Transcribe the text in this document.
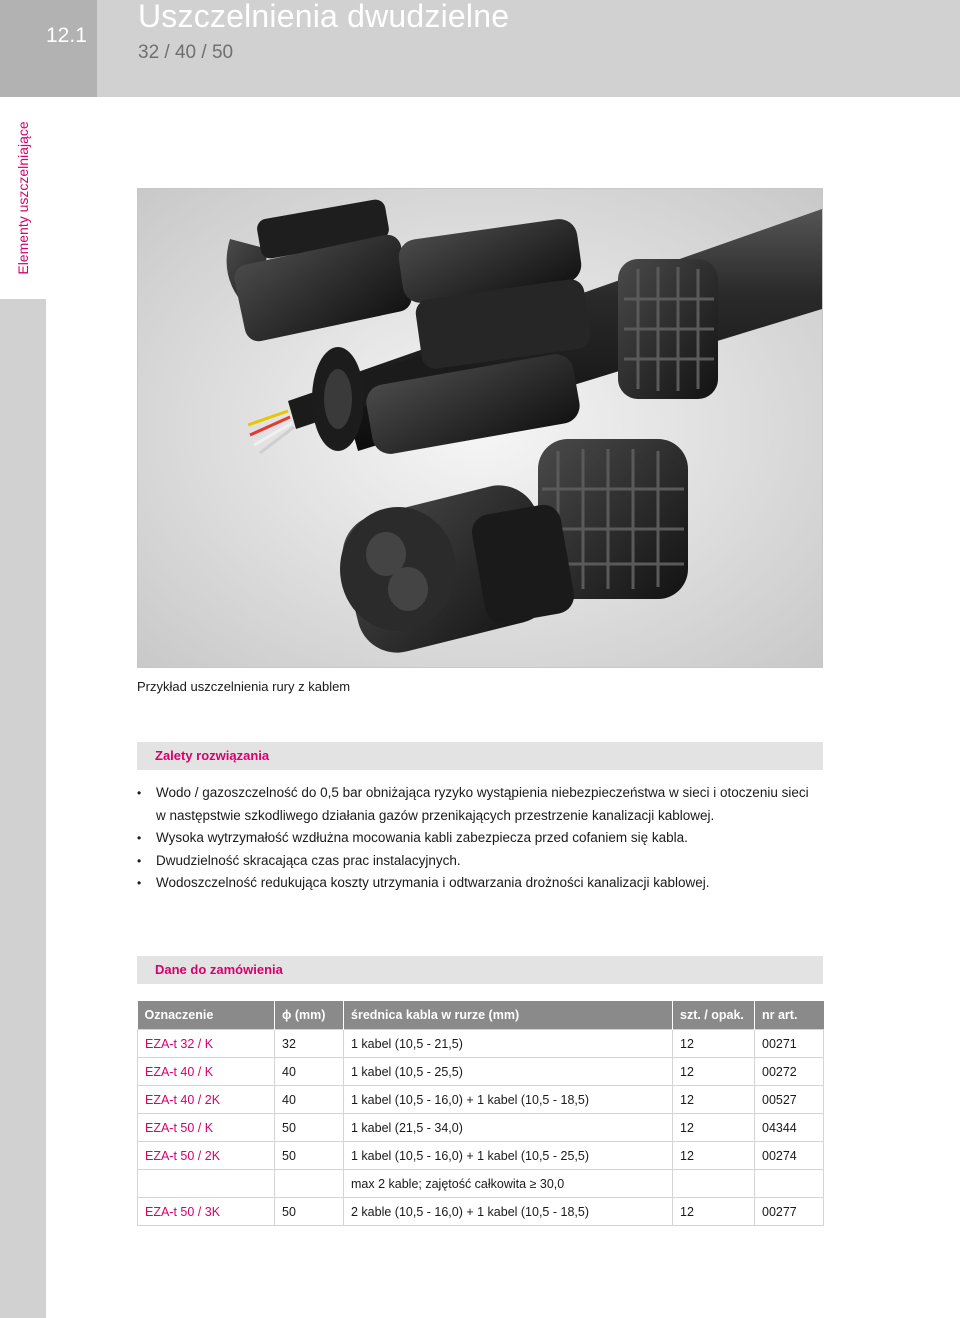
12.1
Uszczelnienia dwudzielne
32 / 40 / 50
Elementy uszczelniające
Przykład uszczelnienia rury z kablem
Zalety rozwiązania
• Wodo / gazoszczelność do 0,5 bar obniżająca ryzyko wystąpienia niebezpieczeństwa w sieci i otoczeniu sieci w następstwie szkodliwego działania gazów przenikających przestrzenie kanalizacji kablowej.
• Wysoka wytrzymałość wzdłużna mocowania kabli zabezpiecza przed cofaniem się kabla.
• Dwudzielność skracająca czas prac instalacyjnych.
• Wodoszczelność redukująca koszty utrzymania i odtwarzania drożności kanalizacji kablowej.
Dane do zamówienia
Oznaczenie	ϕ (mm)	średnica kabla w rurze (mm)	szt. / opak.	nr art.
EZA-t 32 / K	32	1 kabel (10,5 - 21,5)	12	00271
EZA-t 40 / K	40	1 kabel (10,5 - 25,5)	12	00272
EZA-t 40 / 2K	40	1 kabel (10,5 - 16,0) + 1 kabel (10,5 - 18,5)	12	00527
EZA-t 50 / K	50	1 kabel (21,5 - 34,0)	12	04344
EZA-t 50 / 2K	50	1 kabel (10,5 - 16,0) + 1 kabel (10,5 - 25,5)	12	00274
		max 2 kable; zajętość całkowita ≥ 30,0		
EZA-t 50 / 3K	50	2 kable (10,5 - 16,0) + 1 kabel (10,5 - 18,5)	12	00277
